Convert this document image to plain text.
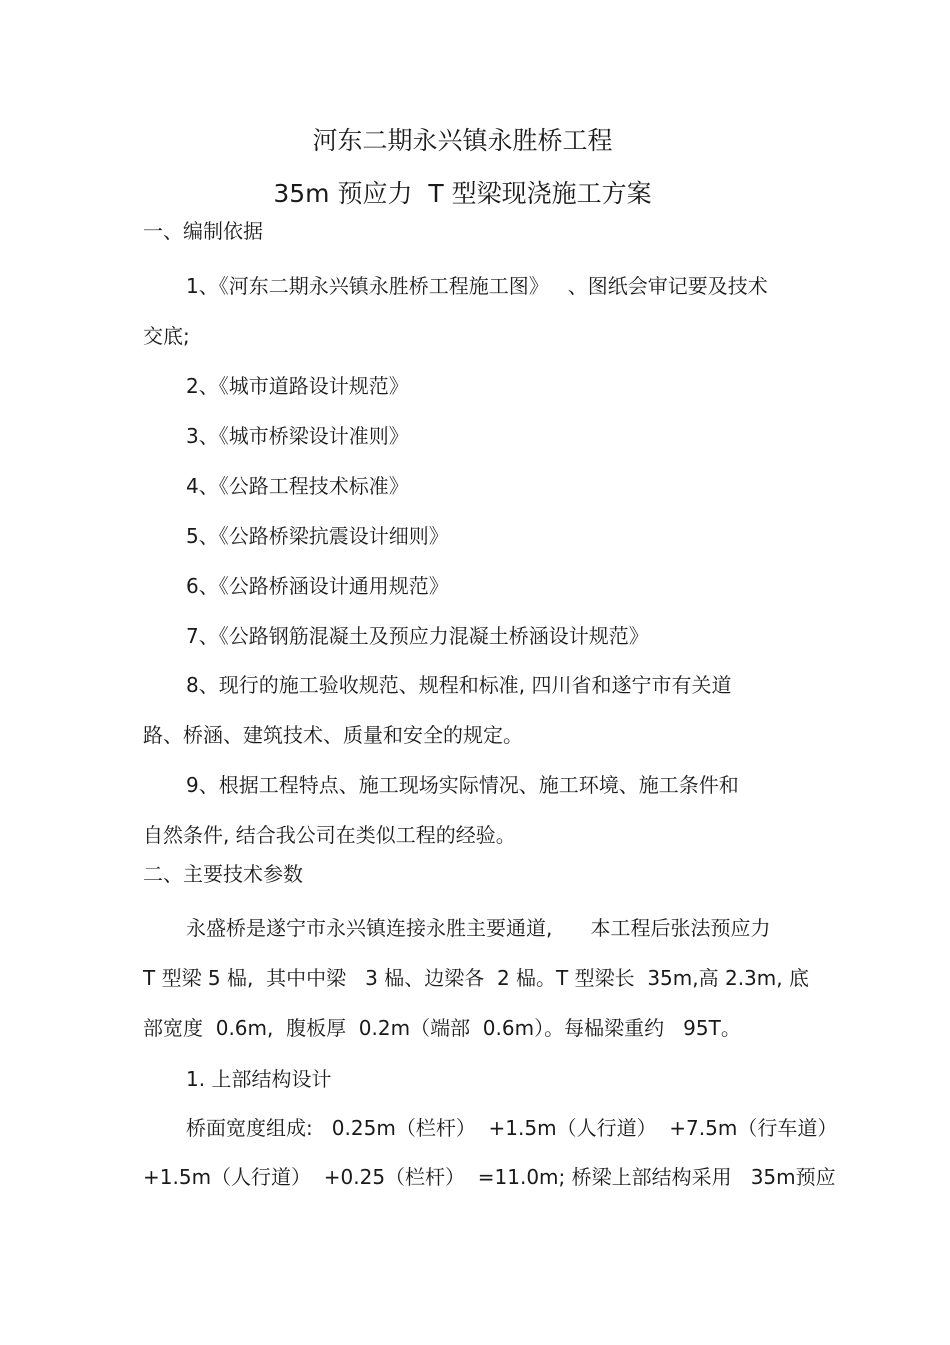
河东二期永兴镇永胜桥工程
35m 预应力  T 型梁现浇施工方案
一、编制依据
1、《河东二期永兴镇永胜桥工程施工图》   、图纸会审记要及技术
交底;
2、《城市道路设计规范》
3、《城市桥梁设计准则》
4、《公路工程技术标准》
5、《公路桥梁抗震设计细则》
6、《公路桥涵设计通用规范》
7、《公路钢筋混凝土及预应力混凝土桥涵设计规范》
8、现行的施工验收规范、规程和标准, 四川省和遂宁市有关道
路、桥涵、建筑技术、质量和安全的规定。
9、根据工程特点、施工现场实际情况、施工环境、施工条件和
自然条件, 结合我公司在类似工程的经验。
二、主要技术参数
永盛桥是遂宁市永兴镇连接永胜主要通道,      本工程后张法预应力
T 型梁 5 榀,  其中中梁   3 榀、边梁各  2 榀。T 型梁长  35m,高 2.3m, 底
部宽度  0.6m,  腹板厚  0.2m（端部  0.6m）。每榀梁重约   95T。
1. 上部结构设计
桥面宽度组成:   0.25m（栏杆）  +1.5m（人行道）  +7.5m（行车道）
+1.5m（人行道）  +0.25（栏杆）  =11.0m; 桥梁上部结构采用   35m预应
